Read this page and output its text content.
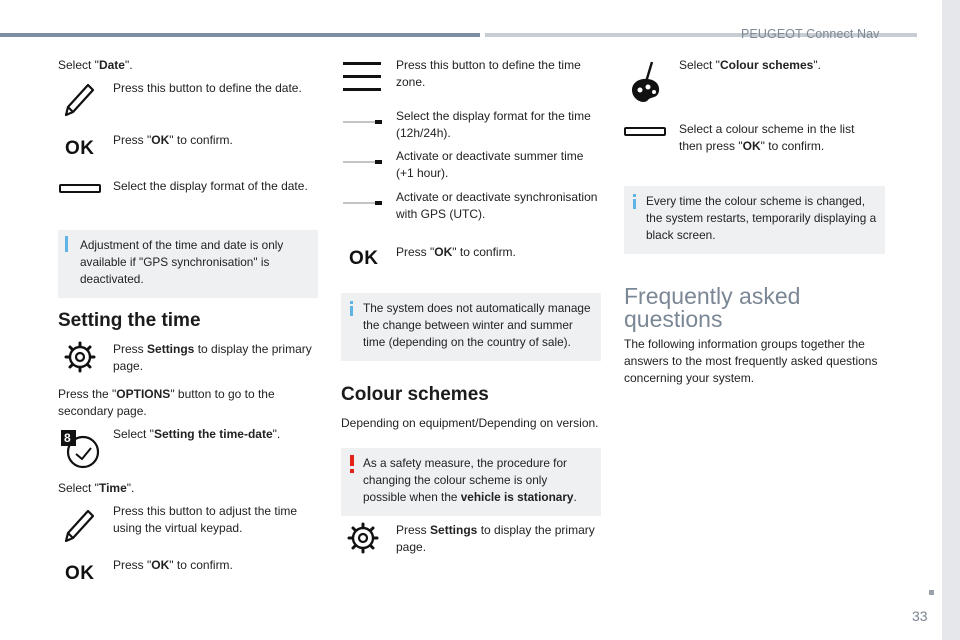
PEUGEOT Connect Nav
33
Select "Date".
Press this button to define the date.
OK Press "OK" to confirm.
Select the display format of the date.
Adjustment of the time and date is only available if "GPS synchronisation" is deactivated.
Setting the time
Press Settings to display the primary page.
Press the "OPTIONS" button to go to the secondary page.
8	Select "Setting the time-date".
Select "Time".
Press this button to adjust the time using the virtual keypad.
OK Press "OK" to confirm.
Press this button to define the time zone.
Select the display format for the time (12h/24h).
Activate or deactivate summer time (+1 hour).
Activate or deactivate synchronisation with GPS (UTC).
OK Press "OK" to confirm.
The system does not automatically manage the change between winter and summer time (depending on the country of sale).
Colour schemes
Depending on equipment/Depending on version.
As a safety measure, the procedure for changing the colour scheme is only possible when the vehicle is stationary.
Press Settings to display the primary page.
Select "Colour schemes".
Select a colour scheme in the list then press "OK" to confirm.
Every time the colour scheme is changed, the system restarts, temporarily displaying a black screen.
Frequently asked questions
The following information groups together the answers to the most frequently asked questions concerning your system.
